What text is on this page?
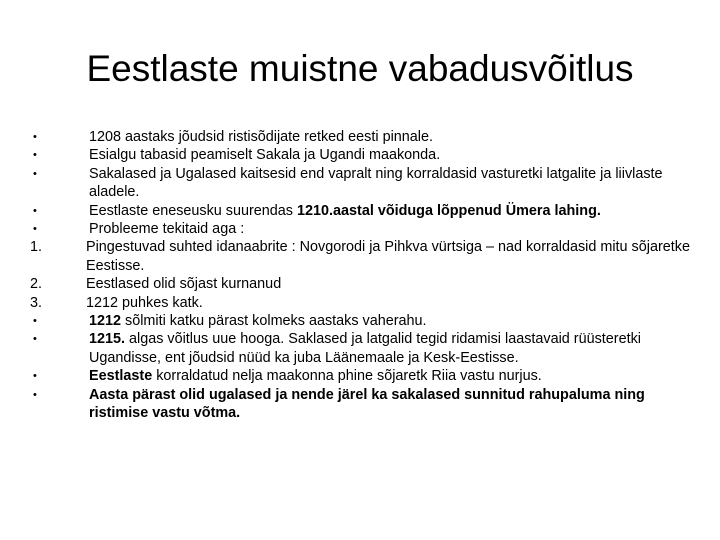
Eestlaste muistne vabadusvõitlus
•	1208 aastaks jõudsid ristisõdijate retked eesti pinnale.
•	Esialgu tabasid peamiselt Sakala ja Ugandi maakonda.
•	Sakalased ja Ugalased kaitsesid end vapralt ning korraldasid vasturetki latgalite ja liivlaste aladele.
•	Eestlaste eneseusku suurendas 1210.aastal võiduga lõppenud Ümera lahing.
•	Probleeme tekitaid aga :
1.	Pingestuvad suhted idanaabrite : Novgorodi ja Pihkva vürtsiga – nad korraldasid mitu sõjaretke Eestisse.
2.	Eestlased olid sõjast kurnanud
3.	1212 puhkes katk.
•	1212 sõlmiti katku pärast kolmeks aastaks vaherahu.
•	1215. algas võitlus uue hooga. Saklased ja latgalid tegid ridamisi laastavaid rüüsteretki Ugandisse, ent jõudsid nüüd ka juba Läänemaale ja Kesk-Eestisse.
•	Eestlaste korraldatud nelja maakonna phine sõjaretk Riia vastu nurjus.
•	Aasta pärast olid ugalased ja nende järel ka sakalased sunnitud rahupaluma ning ristimise vastu võtma.
